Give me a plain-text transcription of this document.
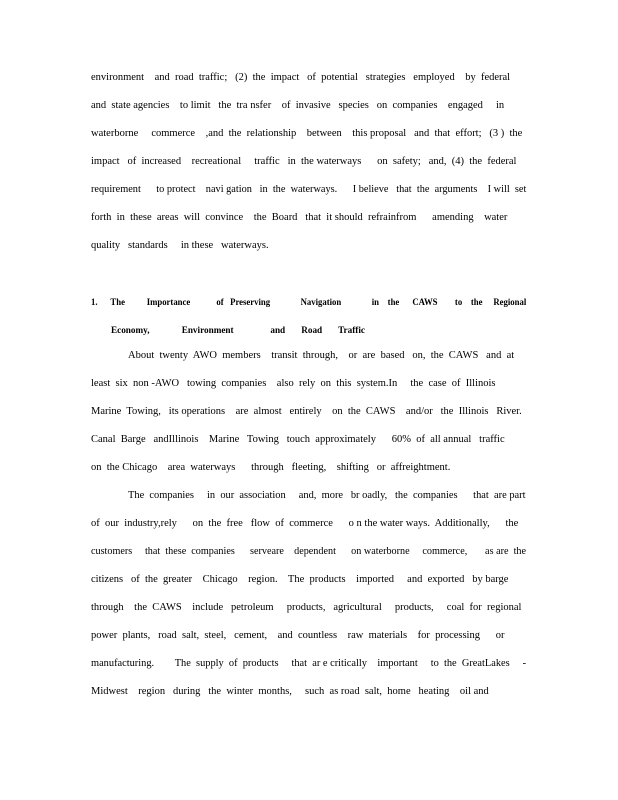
environment    and  road  traffic;   (2)  the  impact   of  potential   strategies   employed    by  federal
and  state agencies    to limit   the  tra nsfer    of  invasive   species   on  companies    engaged     in
waterborne     commerce    ,and  the  relationship    between    this proposal   and  that  effort;   (3 )  the
impact   of  increased    recreational     traffic   in  the waterways      on  safety;   and,  (4)  the  federal
requirement      to protect    navi gation   in  the  waterways.      I believe   that  the  arguments    I will  set
forth  in  these  areas  will  convince    the  Board   that  it should  refrainfrom      amending    water
quality   standards     in these   waterways.
1.      The          Importance            of   Preserving              Navigation              in    the      CAWS        to    the     Regional
Economy,              Environment                and       Road       Traffic
About  twenty  AWO  members    transit  through,    or  are  based   on,  the  CAWS   and  at
least  six  non -AWO   towing  companies    also  rely  on  this  system.In     the  case  of  Illinois
Marine  Towing,   its operations    are  almost   entirely    on  the  CAWS    and/or   the  Illinois   River.
Canal  Barge   andIllinois    Marine   Towing   touch  approximately      60%  of  all annual   traffic
on  the Chicago    area  waterways      through   fleeting,    shifting   or  affreightment.
The  companies     in  our  association     and,  more   br oadly,   the  companies      that  are part
of  our  industry,rely      on  the  free   flow  of  commerce      o n the water ways.  Additionally,      the
customers     that  these  companies      serveare    dependent      on waterborne     commerce,       as are  the
citizens   of  the  greater    Chicago    region.    The  products    imported     and  exported   by barge
through    the  CAWS    include   petroleum     products,   agricultural     products,     coal  for  regional
power  plants,   road  salt,  steel,   cement,    and  countless    raw  materials    for  processing      or
manufacturing.        The  supply  of  products     that  ar e critically    important     to  the  GreatLakes     -
Midwest    region   during   the  winter  months,     such  as road  salt,  home   heating    oil and
